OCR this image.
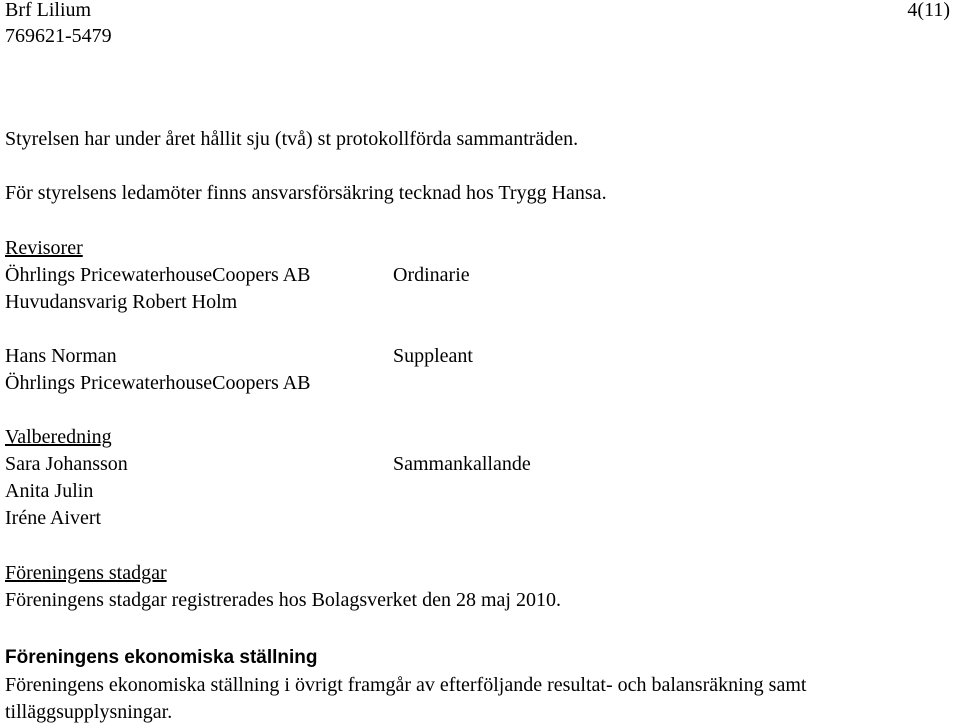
Brf Lilium
769621-5479
4(11)
Styrelsen har under året hållit sju (två) st protokollförda sammanträden.
För styrelsens ledamöter finns ansvarsförsäkring tecknad hos Trygg Hansa.
Revisorer
Öhrlings PricewaterhouseCoopers AB	Ordinarie
Huvudansvarig Robert Holm
Hans Norman	Suppleant
Öhrlings PricewaterhouseCoopers AB
Valberedning
Sara Johansson	Sammankallande
Anita Julin
Iréne Aivert
Föreningens stadgar
Föreningens stadgar registrerades hos Bolagsverket den 28 maj 2010.
Föreningens ekonomiska ställning
Föreningens ekonomiska ställning i övrigt framgår av efterföljande resultat- och balansräkning samt
tilläggsupplysningar.
